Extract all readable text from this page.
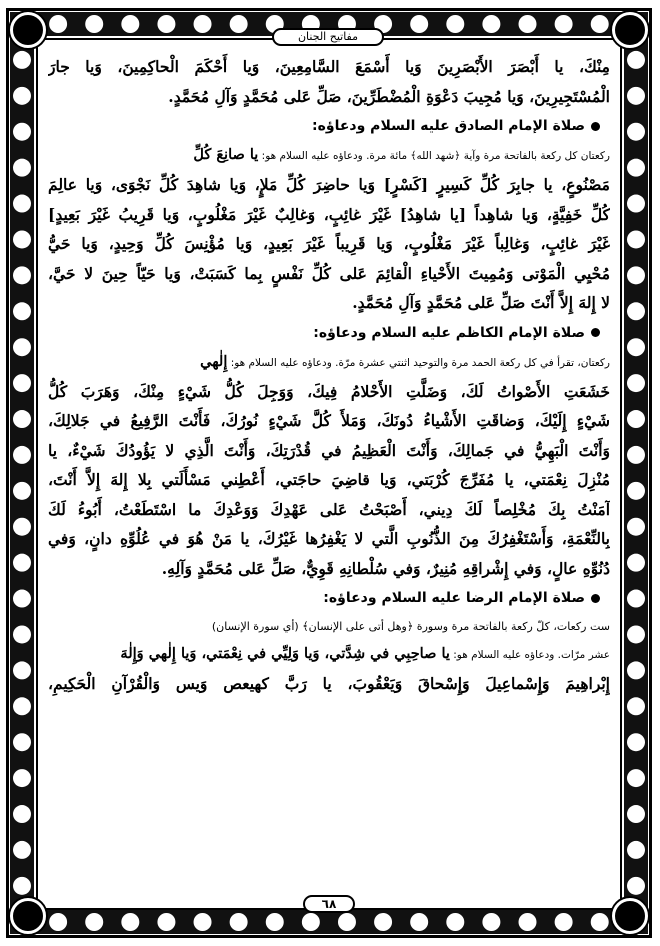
مفاتيح الجنان
مِنْكَ، يا أَبْصَرَ الأَبْصَرِينَ وَيا أَسْمَعَ السَّامِعِينَ، وَيا أَحْكَمَ الْحاكِمِينَ، وَيا جارَ
الْمُسْتَجِيرِينَ، وَيا مُجِيبَ دَعْوَةِ الْمُضْطَرِّينَ، صَلِّ عَلى مُحَمَّدٍ وَآلِ مُحَمَّدٍ.
صلاة الإمام الصادق عليه السلام ودعاؤه:
ركعتان كل ركعة بالفاتحة مرة وآية ﴿شهد الله﴾ مائة مرة. ودعاؤه عليه السلام هو: يا صانِعَ كُلِّ
مَصْنُوعٍ، يا جابِرَ كُلِّ كَسِيرٍ [كَسْرٍ] وَيا حاضِرَ كُلِّ مَلإٍ، وَيا شاهِدَ كُلِّ نَجْوَى، وَيا عالِمَ
كُلِّ خَفِيَّةٍ، وَيا شاهِداً [يا شاهِدُ] غَيْرَ غائِبٍ، وَغالِبٌ غَيْرَ مَغْلُوبٍ، وَيا قَرِيبُ غَيْرَ بَعِيدٍ]
غَيْرَ غائِبٍ، وَغالِباً غَيْرَ مَغْلُوبٍ، وَيا قَرِيباً غَيْرَ بَعِيدٍ، وَيا مُؤْنِسَ كُلِّ وَحِيدٍ، وَيا حَيُّ
مُحْيِي الْمَوْتى وَمُمِيتَ الأَحْياءِ الْقائِمَ عَلى كُلِّ نَفْسٍ بِما كَسَبَتْ، وَيا حَيّاً حِينَ لا حَيَّ،
لا إِلهَ إِلاَّ أَنْتَ صَلِّ عَلى مُحَمَّدٍ وَآلِ مُحَمَّدٍ.
صلاة الإمام الكاظم عليه السلام ودعاؤه:
ركعتان، تقرأ في كل ركعة الحمد مرة والتوحيد اثنتي عشرة مرّة. ودعاؤه عليه السلام هو: إِلٰهي
خَشَعَتِ الأَصْواتُ لَكَ، وَضَلَّتِ الأَحْلامُ فِيكَ، وَوَجِلَ كُلُّ شَيْءٍ مِنْكَ، وَهَرَبَ كُلُّ
شَيْءٍ إِلَيْكَ، وَضاقَتِ الأَشْياءُ دُونَكَ، وَمَلأَ كُلَّ شَيْءٍ نُورُكَ، فَأَنْتَ الرَّفِيعُ في جَلالِكَ،
وَأَنْتَ الْبَهِيُّ في جَمالِكَ، وَأَنْتَ الْعَظِيمُ في قُدْرَتِكَ، وَأَنْتَ الَّذِي لا يَؤُودُكَ شَيْءٌ، يا
مُنْزِلَ نِعْمَتي، يا مُفَرِّجَ كُرْبَتي، وَيا قاضِيَ حاجَتي، أَعْطِني مَسْأَلَتي بِلا إِلهَ إِلاَّ أَنْتَ،
آمَنْتُ بِكَ مُخْلِصاً لَكَ دِيني، أَصْبَحْتُ عَلى عَهْدِكَ وَوَعْدِكَ ما اسْتَطَعْتُ، أَبُوءُ لَكَ
بِالنِّعْمَةِ، وَأَسْتَغْفِرُكَ مِنَ الذُّنُوبِ الَّتي لا يَغْفِرُها غَيْرُكَ، يا مَنْ هُوَ في عُلُوِّهِ دانٍ، وَفي
دُنُوِّهِ عالٍ، وَفي إِشْراقِهِ مُنِيرٌ، وَفي سُلْطانِهِ قَوِيٌّ، صَلِّ عَلى مُحَمَّدٍ وَآلِهِ.
صلاة الإمام الرضا عليه السلام ودعاؤه:
ست ركعات، كلّ ركعة بالفاتحة مرة وسورة ﴿وهل أتى على الإنسان﴾ (أي سورة الإنسان)
عشر مرّات. ودعاؤه عليه السلام هو: يا صاحِبِي في شِدَّتي، وَيا وَلِيِّي في نِعْمَتي، وَيا إِلٰهي وَإِلٰهَ
إِبْراهِيمَ وَإِسْماعِيلَ وَإِسْحاقَ وَيَعْقُوبَ، يا رَبَّ كهيعص وَيس وَالْقُرْآنِ الْحَكِيمِ،
٦٨
